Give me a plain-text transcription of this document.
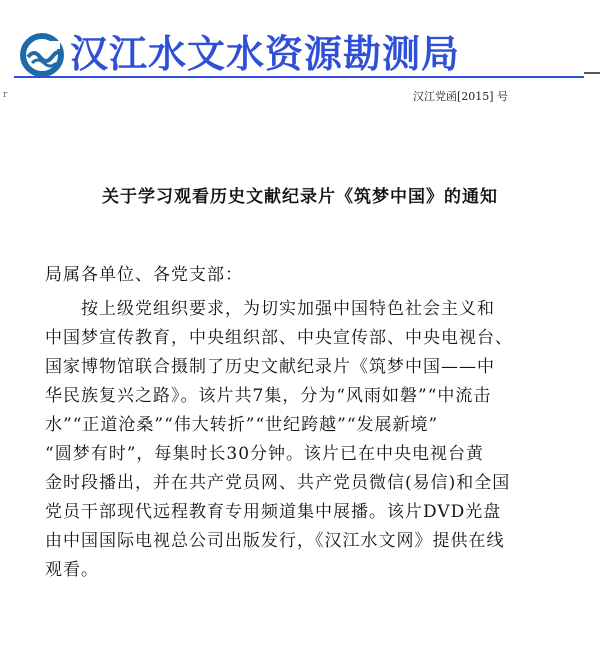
汉江水文水资源勘测局
r	汉江党函[2015] 号
关于学习观看历史文献纪录片《筑梦中国》的通知
局属各单位、各党支部：
　　按上级党组织要求，为切实加强中国特色社会主义和
中国梦宣传教育，中央组织部、中央宣传部、中央电视台、
国家博物馆联合摄制了历史文献纪录片《筑梦中国——中
华民族复兴之路》。该片共7集，分为“风雨如磐”“中流击
水”“正道沧桑”“伟大转折”“世纪跨越”“发展新境”
“圆梦有时”，每集时长30分钟。该片已在中央电视台黄
金时段播出，并在共产党员网、共产党员微信(易信)和全国
党员干部现代远程教育专用频道集中展播。该片DVD光盘
由中国国际电视总公司出版发行，《汉江水文网》提供在线
观看。
